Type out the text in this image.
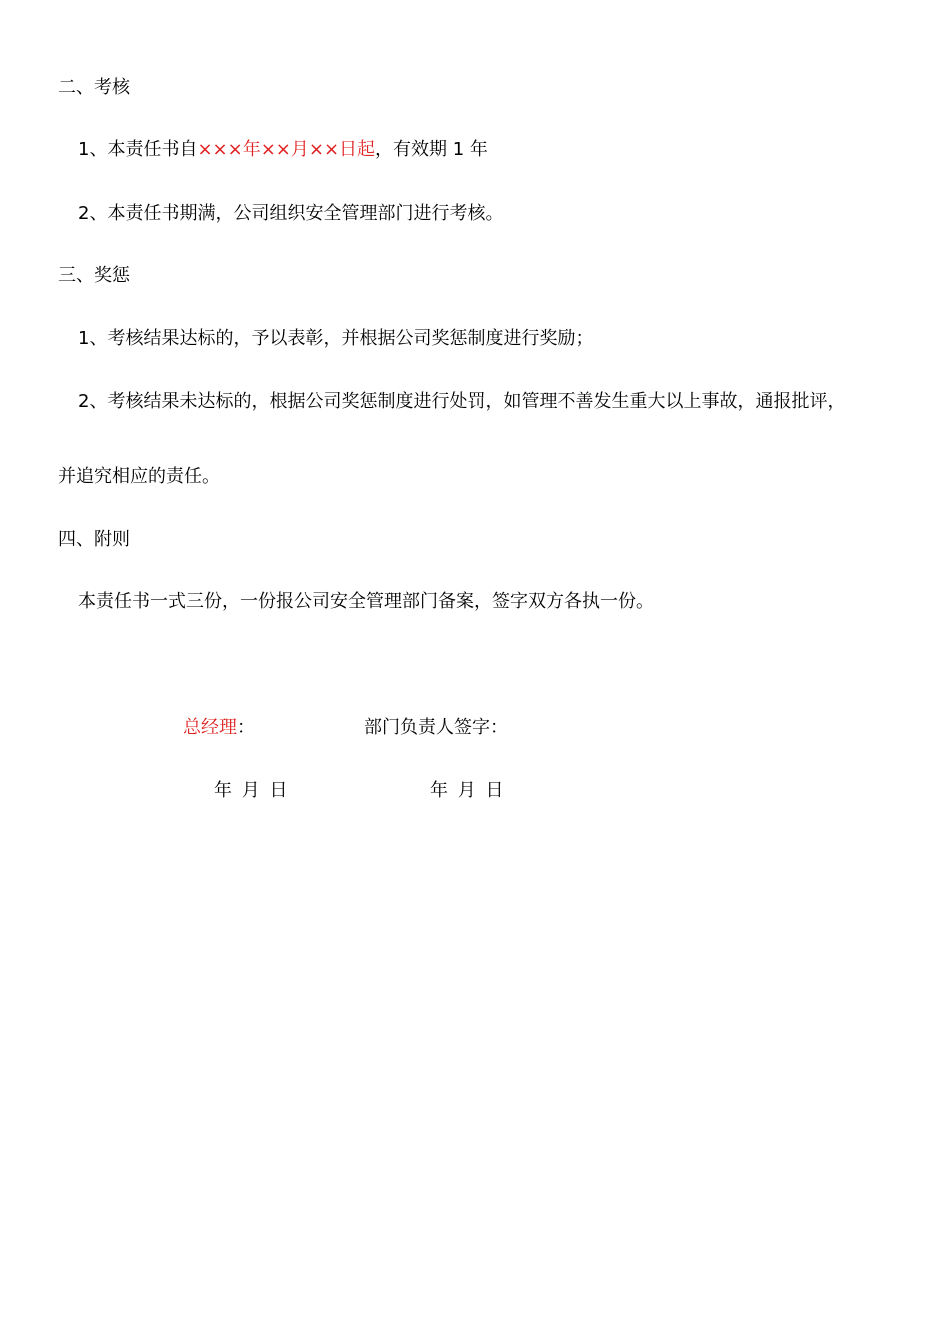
二、考核
1、本责任书自×××年××月××日起，有效期 1 年
2、本责任书期满，公司组织安全管理部门进行考核。
三、奖惩
1、考核结果达标的，予以表彰，并根据公司奖惩制度进行奖励；
2、考核结果未达标的，根据公司奖惩制度进行处罚，如管理不善发生重大以上事故，通报批评，
并追究相应的责任。
四、附则
本责任书一式三份，一份报公司安全管理部门备案，签字双方各执一份。
总经理：	部门负责人签字：
年 月 日	年 月 日
